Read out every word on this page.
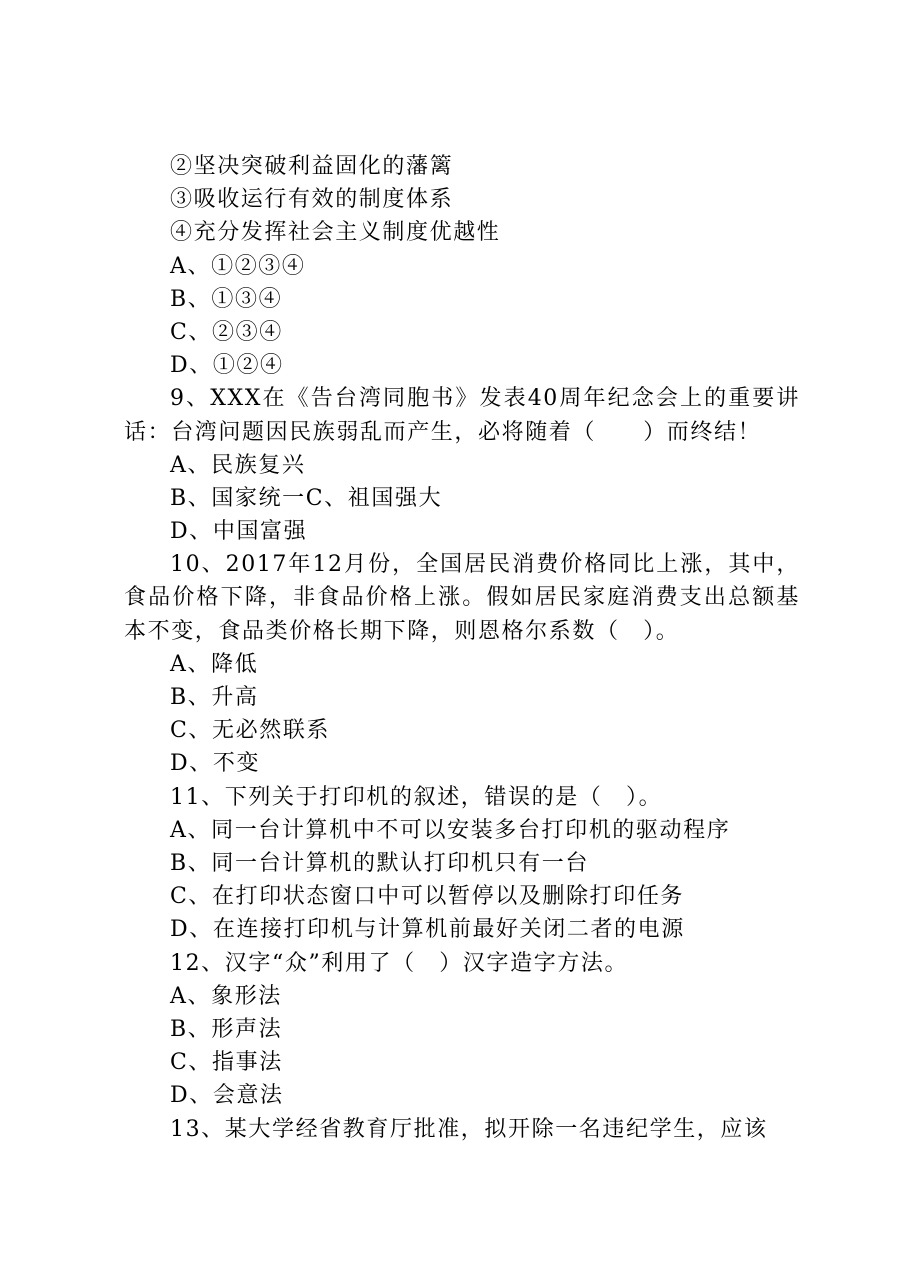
②坚决突破利益固化的藩篱

③吸收运行有效的制度体系

④充分发挥社会主义制度优越性

A、①②③④

B、①③④

C、②③④

D、①②④

9、XXX在《告台湾同胞书》发表40周年纪念会上的重要讲话：台湾问题因民族弱乱而产生，必将随着（　　）而终结！

A、民族复兴

B、国家统一C、祖国强大

D、中国富强

10、2017年12月份，全国居民消费价格同比上涨，其中，食品价格下降，非食品价格上涨。假如居民家庭消费支出总额基本不变，食品类价格长期下降，则恩格尔系数（　）。

A、降低

B、升高

C、无必然联系

D、不变

11、下列关于打印机的叙述，错误的是（　）。

A、同一台计算机中不可以安装多台打印机的驱动程序

B、同一台计算机的默认打印机只有一台

C、在打印状态窗口中可以暂停以及删除打印任务

D、在连接打印机与计算机前最好关闭二者的电源

12、汉字“众”利用了（　）汉字造字方法。

A、象形法

B、形声法

C、指事法

D、会意法

13、某大学经省教育厅批准，拟开除一名违纪学生，应该
